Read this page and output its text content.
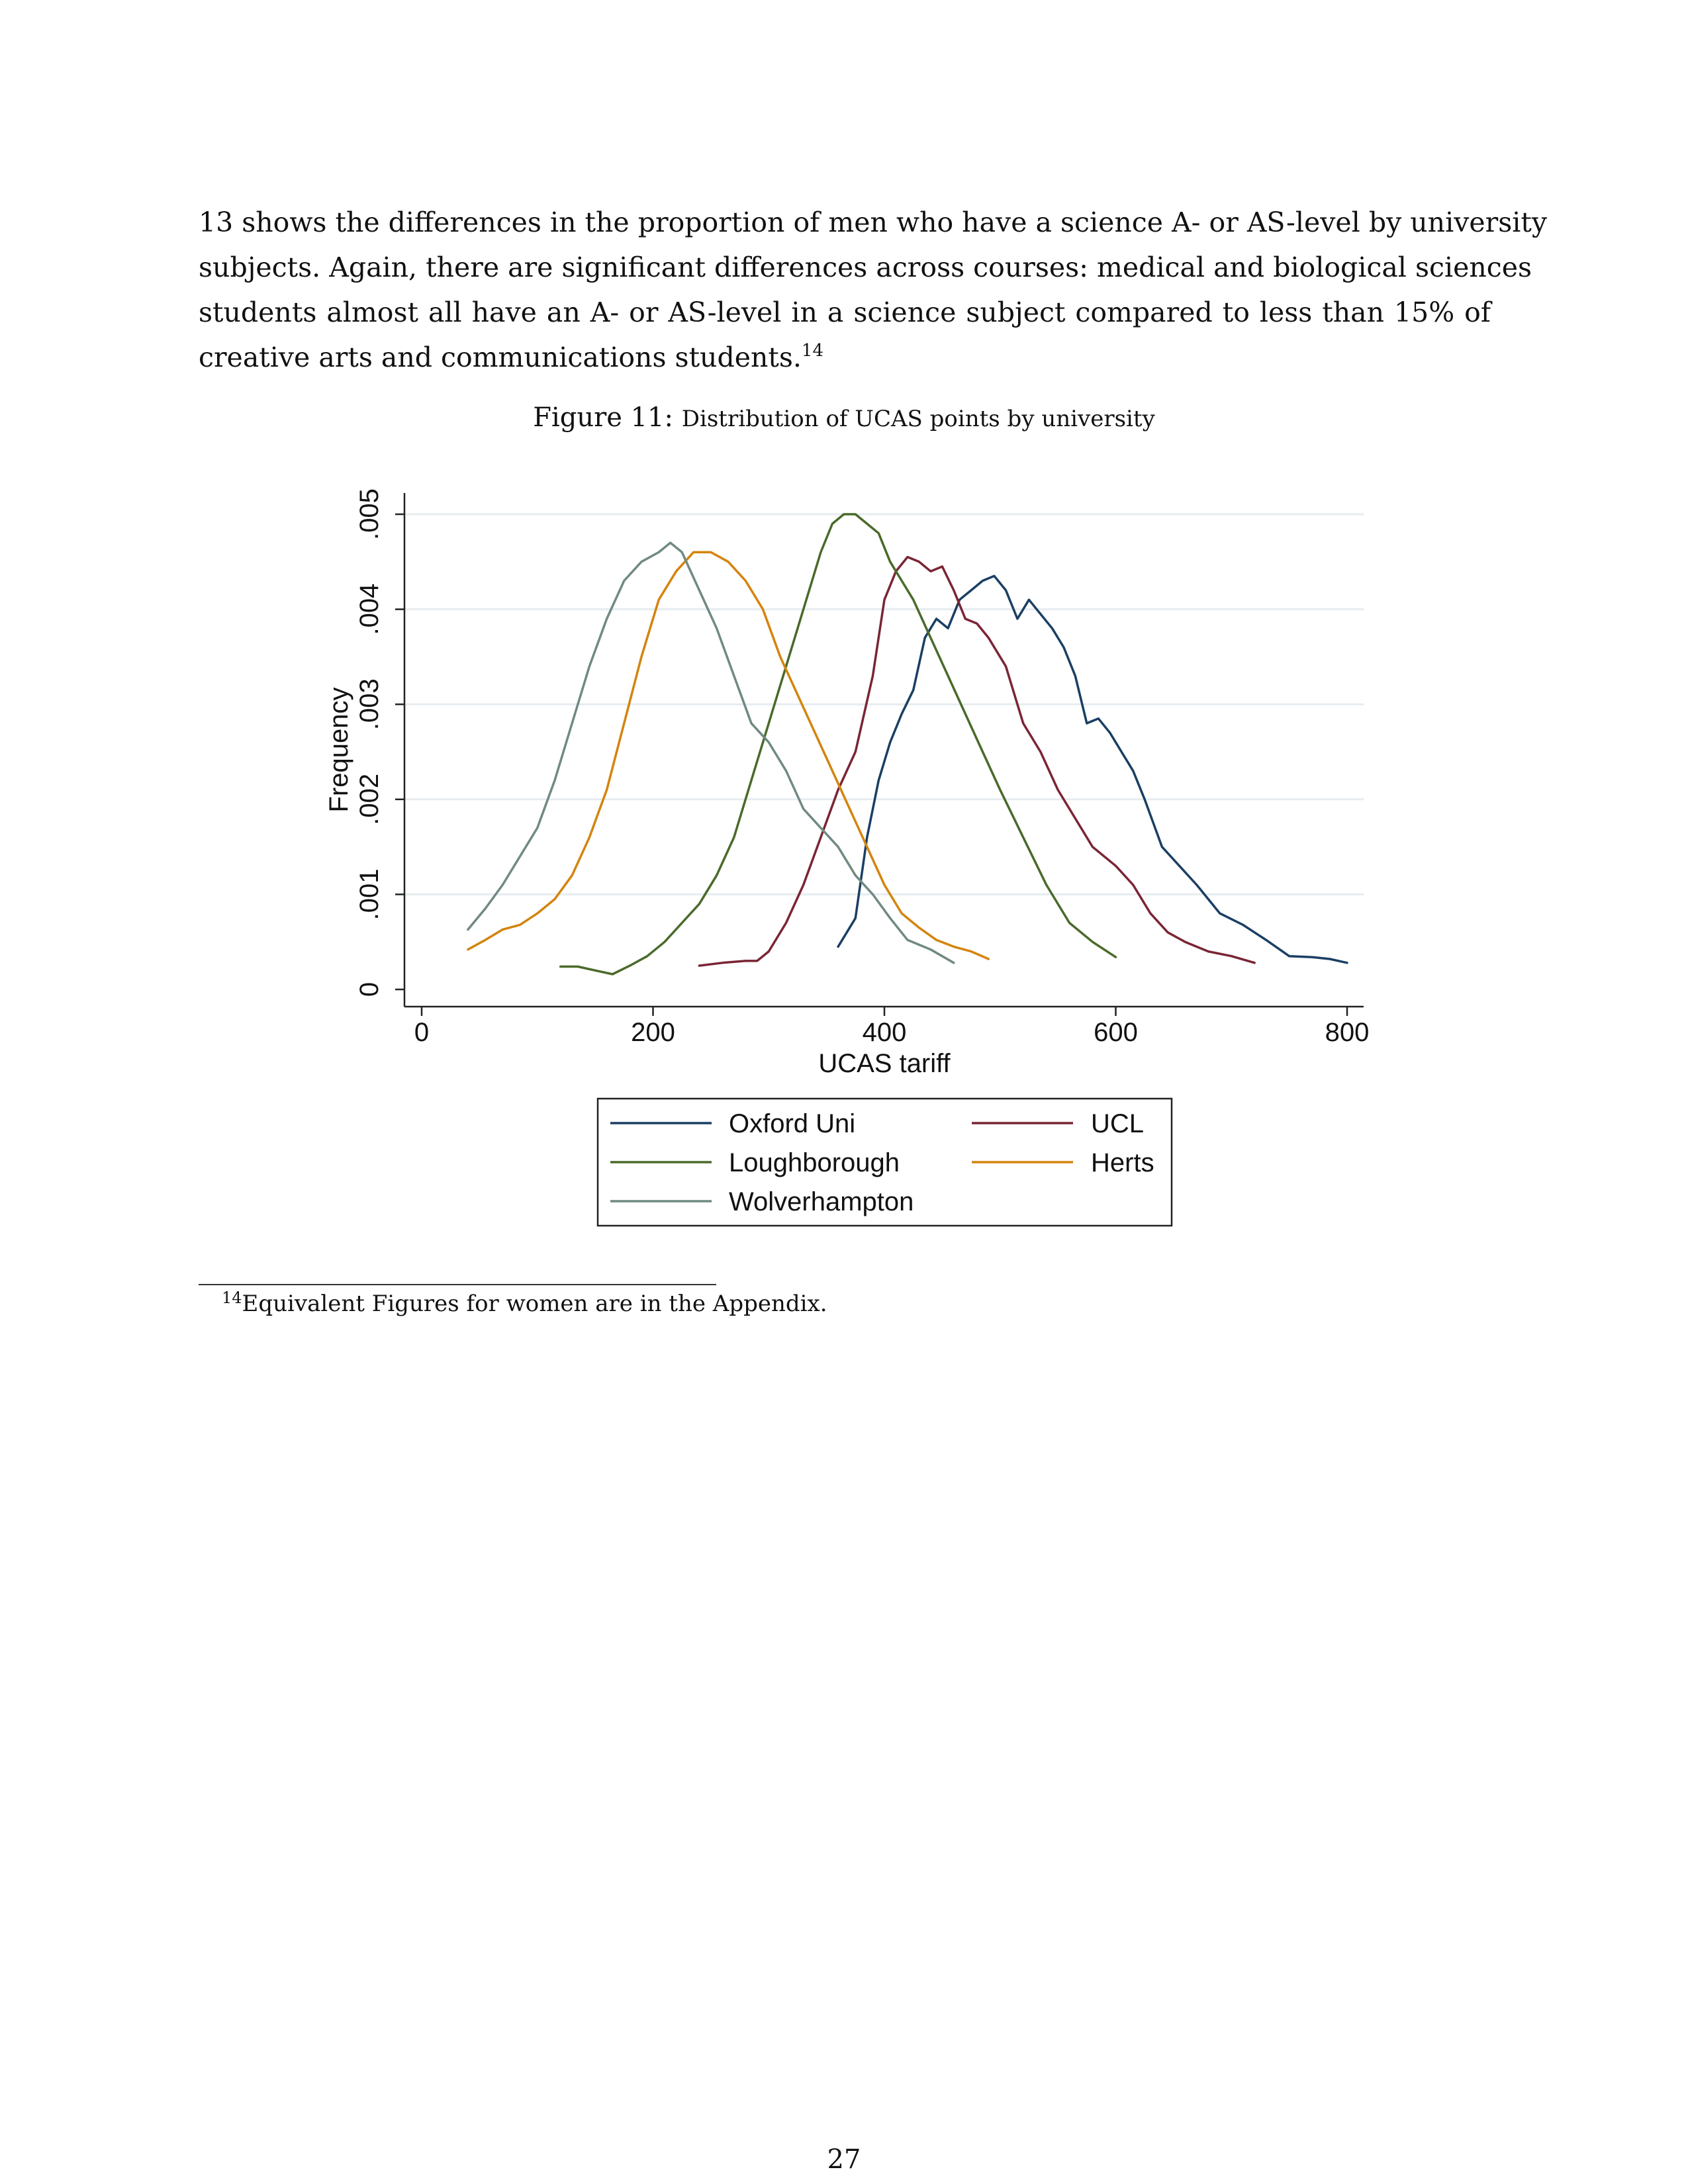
13 shows the differences in the proportion of men who have a science A- or AS-level by university
subjects. Again, there are significant differences across courses: medical and biological sciences
students almost all have an A- or AS-level in a science subject compared to less than 15% of
creative arts and communications students.$^{14}$

Figure 11: Distribution of UCAS points by university
0
.001
.002
.003
.004
.005
0	200	400	600	800
UCAS tariff
Frequency
Oxford Uni	UCL
Loughborough	Herts
Wolverhampton
$^{14}$Equivalent Figures for women are in the Appendix.
27
